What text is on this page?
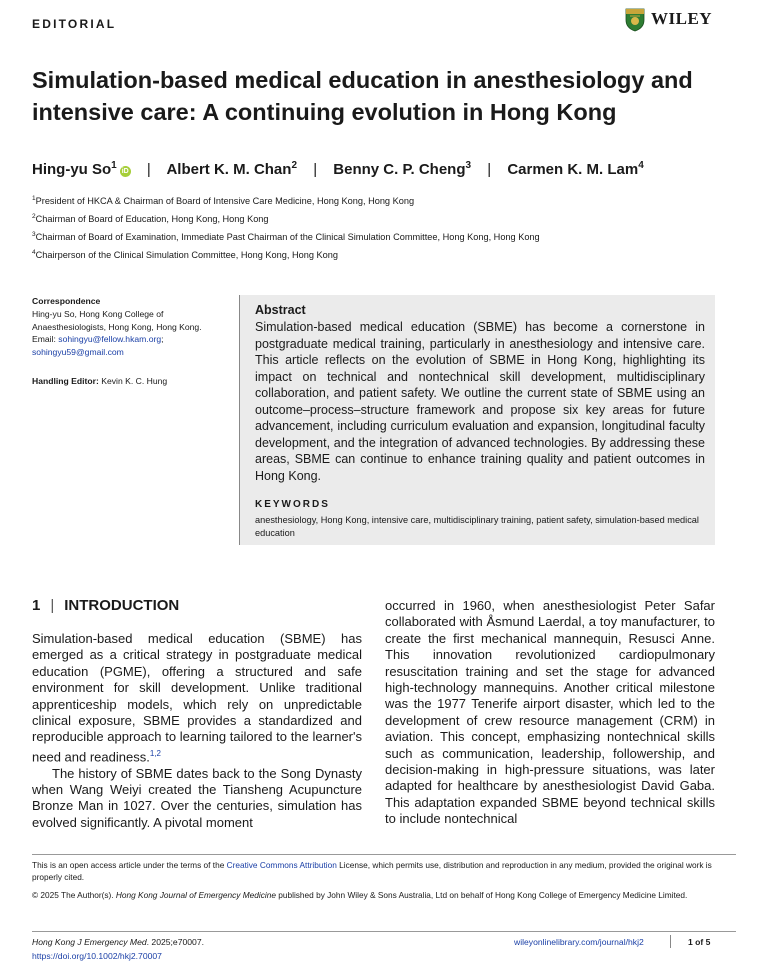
EDITORIAL	WILEY
Simulation-based medical education in anesthesiology and intensive care: A continuing evolution in Hong Kong
Hing-yu So$^1$iD | Albert K. M. Chan$^2$ | Benny C. P. Cheng$^3$ | Carmen K. M. Lam$^4$
$^1$President of HKCA & Chairman of Board of Intensive Care Medicine, Hong Kong, Hong Kong
$^2$Chairman of Board of Education, Hong Kong, Hong Kong
$^3$Chairman of Board of Examination, Immediate Past Chairman of the Clinical Simulation Committee, Hong Kong, Hong Kong
$^4$Chairperson of the Clinical Simulation Committee, Hong Kong, Hong Kong
Correspondence
Hing-yu So, Hong Kong College of
Anaesthesiologists, Hong Kong, Hong Kong.
Email: sohingyu@fellow.hkam.org;
sohingyu59@gmail.com
Handling Editor: Kevin K. C. Hung
Abstract
Simulation-based medical education (SBME) has become a cornerstone in postgraduate medical training, particularly in anesthesiology and intensive care. This article reflects on the evolution of SBME in Hong Kong, highlighting its impact on technical and nontechnical skill development, multidisciplinary collaboration, and patient safety. We outline the current state of SBME using an outcome–process–structure framework and propose six key areas for future advancement, including curriculum evaluation and expansion, longitudinal faculty development, and the integration of advanced technologies. By addressing these areas, SBME can continue to enhance training quality and patient outcomes in Hong Kong.
KEYWORDS
anesthesiology, Hong Kong, intensive care, multidisciplinary training, patient safety, simulation-based medical education
1 | INTRODUCTION

Simulation-based medical education (SBME) has emerged as a critical strategy in postgraduate medical education (PGME), offering a structured and safe environment for skill development. Unlike traditional apprenticeship models, which rely on unpredictable clinical exposure, SBME provides a standardized and reproducible approach to learning tailored to the learner's need and readiness.$^{1,2}$

The history of SBME dates back to the Song Dynasty when Wang Weiyi created the Tiansheng Acupuncture Bronze Man in 1027. Over the centuries, simulation has evolved significantly. A pivotal moment

occurred in 1960, when anesthesiologist Peter Safar collaborated with Åsmund Laerdal, a toy manufacturer, to create the first mechanical mannequin, Resusci Anne. This innovation revolutionized cardiopulmonary resuscitation training and set the stage for advanced high-technology mannequins. Another critical milestone was the 1977 Tenerife airport disaster, which led to the development of crew resource management (CRM) in aviation. This concept, emphasizing nontechnical skills such as communication, leadership, followership, and decision-making in high-pressure situations, was later adapted for healthcare by anesthesiologist David Gaba. This adaptation expanded SBME beyond technical skills to include nontechnical

This is an open access article under the terms of the Creative Commons Attribution License, which permits use, distribution and reproduction in any medium, provided the original work is properly cited.
© 2025 The Author(s). Hong Kong Journal of Emergency Medicine published by John Wiley & Sons Australia, Ltd on behalf of Hong Kong College of Emergency Medicine Limited.
Hong Kong J Emergency Med. 2025;e70007.
https://doi.org/10.1002/hkj2.70007
wileyonlinelibrary.com/journal/hkj2	1 of 5
